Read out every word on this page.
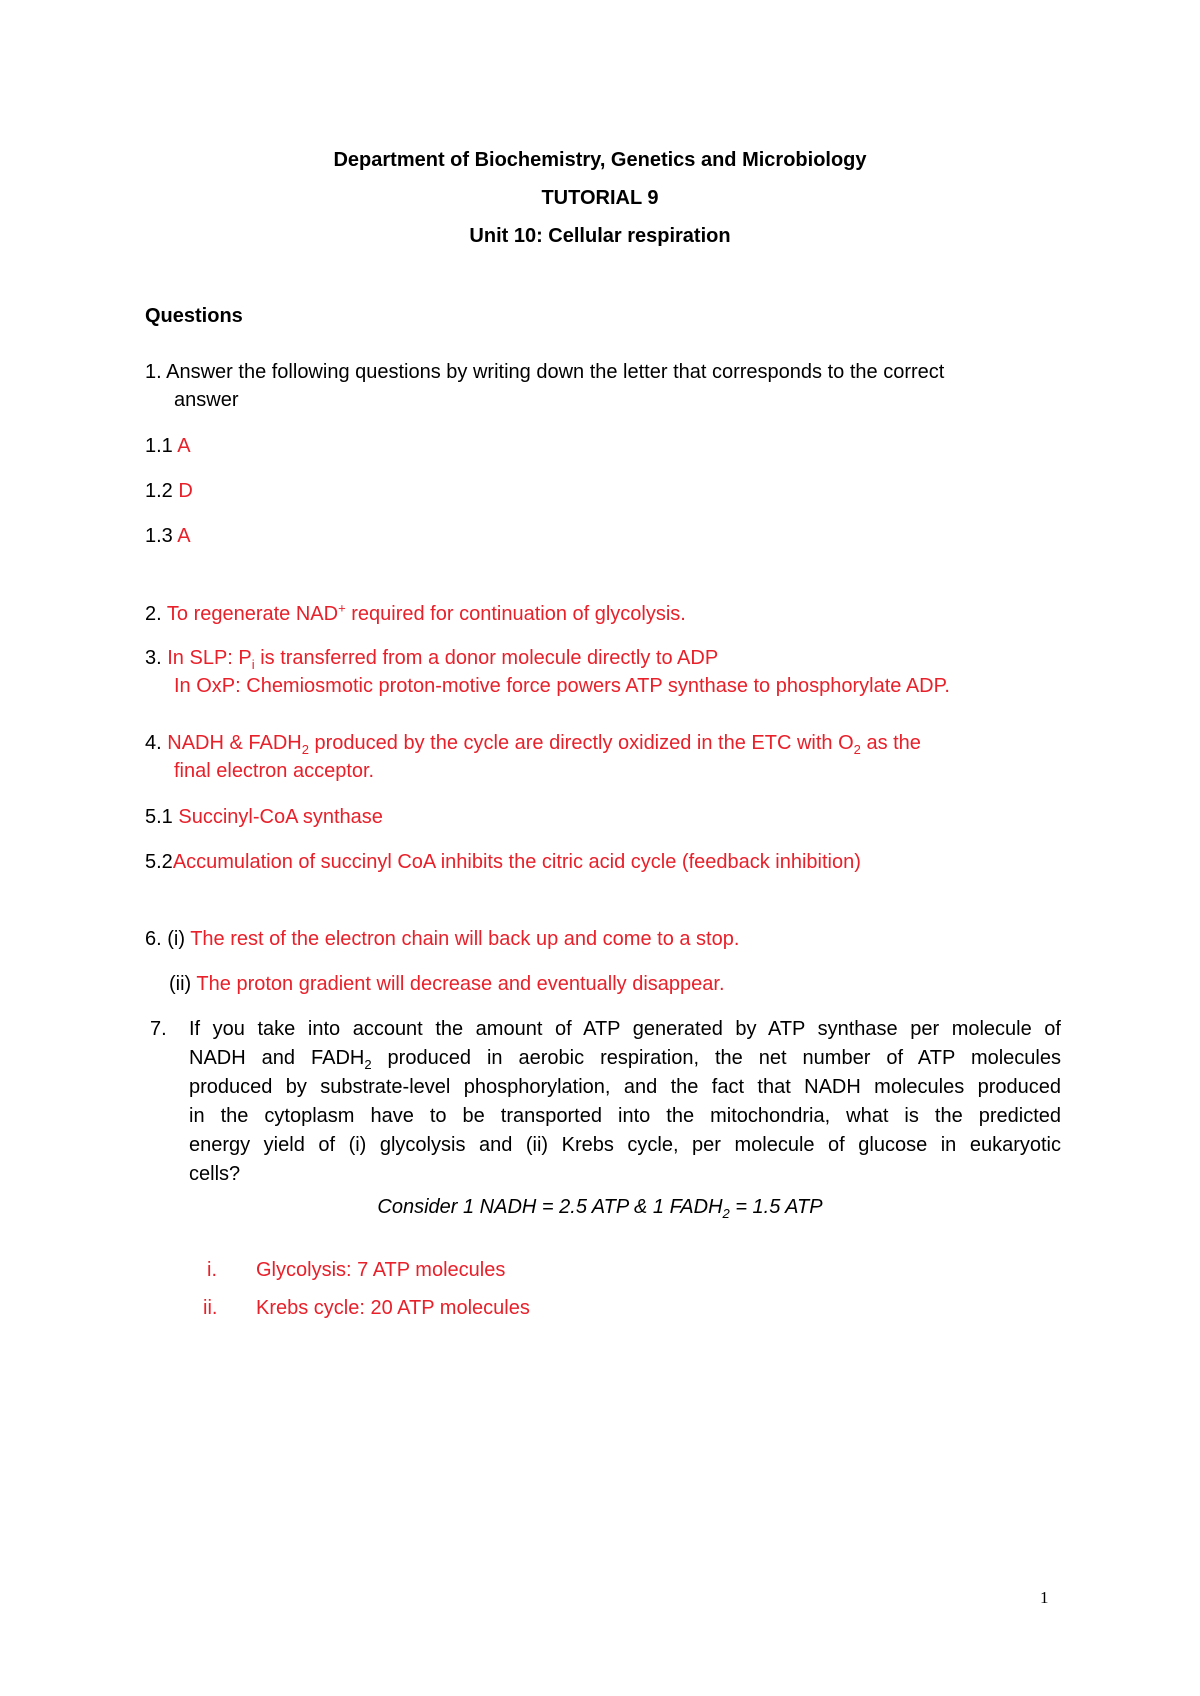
Department of Biochemistry, Genetics and Microbiology
TUTORIAL 9
Unit 10: Cellular respiration
Questions
1. Answer the following questions by writing down the letter that corresponds to the correct
answer
1.1 A
1.2 D
1.3 A
2. To regenerate NAD+ required for continuation of glycolysis.
3. In SLP: $P_i$ is transferred from a donor molecule directly to ADP
In OxP: Chemiosmotic proton-motive force powers ATP synthase to phosphorylate ADP.
4. NADH & $FADH_2$ produced by the cycle are directly oxidized in the ETC with $O_2$ as the
final electron acceptor.
5.1 Succinyl-CoA synthase
5.2Accumulation of succinyl CoA inhibits the citric acid cycle (feedback inhibition)
6. (i) The rest of the electron chain will back up and come to a stop.
(ii) The proton gradient will decrease and eventually disappear.
7. If you take into account the amount of ATP generated by ATP synthase per molecule of
NADH and $FADH_2$ produced in aerobic respiration, the net number of ATP molecules
produced by substrate-level phosphorylation, and the fact that NADH molecules produced
in the cytoplasm have to be transported into the mitochondria, what is the predicted
energy yield of (i) glycolysis and (ii) Krebs cycle, per molecule of glucose in eukaryotic
cells?
Consider 1 NADH = 2.5 ATP & 1 $FADH_2 = 1.5$ ATP
i. Glycolysis: 7 ATP molecules
ii. Krebs cycle: 20 ATP molecules
1
